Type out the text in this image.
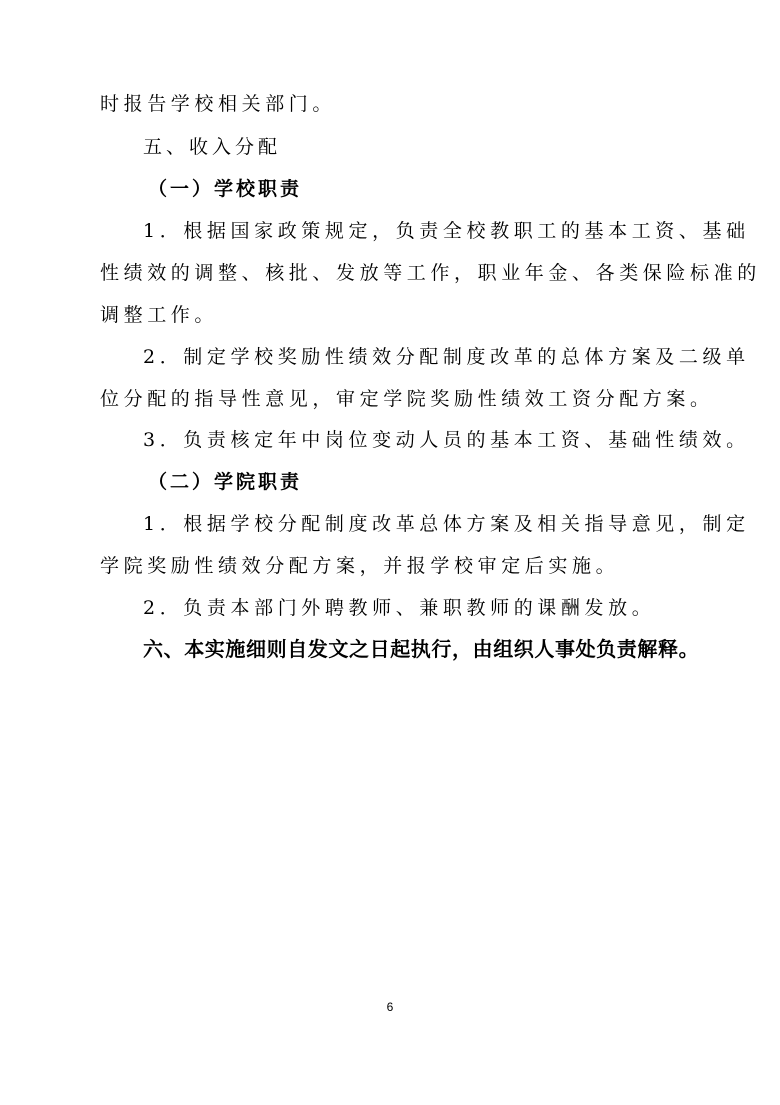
时报告学校相关部门。
五、收入分配
（一）学校职责
1．根据国家政策规定，负责全校教职工的基本工资、基础
性绩效的调整、核批、发放等工作，职业年金、各类保险标准的
调整工作。
2．制定学校奖励性绩效分配制度改革的总体方案及二级单
位分配的指导性意见，审定学院奖励性绩效工资分配方案。
3．负责核定年中岗位变动人员的基本工资、基础性绩效。
（二）学院职责
1．根据学校分配制度改革总体方案及相关指导意见，制定
学院奖励性绩效分配方案，并报学校审定后实施。
2．负责本部门外聘教师、兼职教师的课酬发放。
六、本实施细则自发文之日起执行，由组织人事处负责解释。
6
